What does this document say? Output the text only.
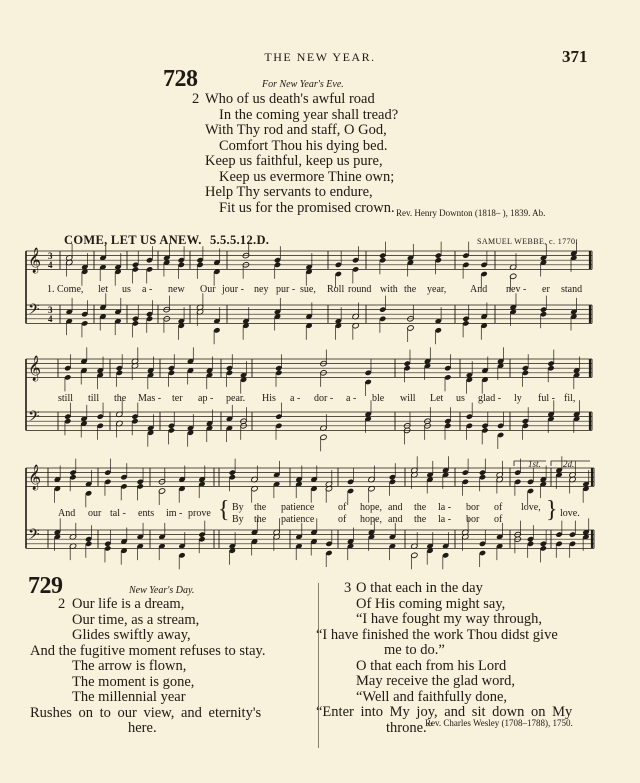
THE NEW YEAR.	371
728	For New Year's Eve.
2 Who of us death's awful road
In the coming year shall tread?
With Thy rod and staff, O God,
Comfort Thou his dying bed.
Keep us faithful, keep us pure,
Keep us evermore Thine own;
Help Thy servants to endure,
Fit us for the promised crown. Rev. Henry Downton (1818– ), 1839. Ab.
COME, LET US ANEW. 5.5.5.12.D.	SAMUEL WEBBE, c. 1770.
𝄞 3
4
𝄢 3
4
𝄞
𝄢
𝄞
𝄢
1. Come, let us a - new Our jour - ney pur - sue, Roll round with the year, And nev - er stand
still till the Mas - ter ap - pear. His a - dor - a - ble will Let us glad - ly ful - fil,
And our tal - ents im - prove { By the patience of hope, and the la - bor of love,
By the patience of hope, and the la - bor of } love.
1st. 2d.
729	New Year's Day.
2 Our life is a dream,
Our time, as a stream,
Glides swiftly away,
And the fugitive moment refuses to stay.
The arrow is flown,
The moment is gone,
The millennial year
Rushes on to our view, and eternity's
here.
3 O that each in the day
Of His coming might say,
“I have fought my way through,
“I have finished the work Thou didst give
me to do.”
O that each from his Lord
May receive the glad word,
“Well and faithfully done,
“Enter into My joy, and sit down on My
throne.”
Rev. Charles Wesley (1708–1788), 1750.
